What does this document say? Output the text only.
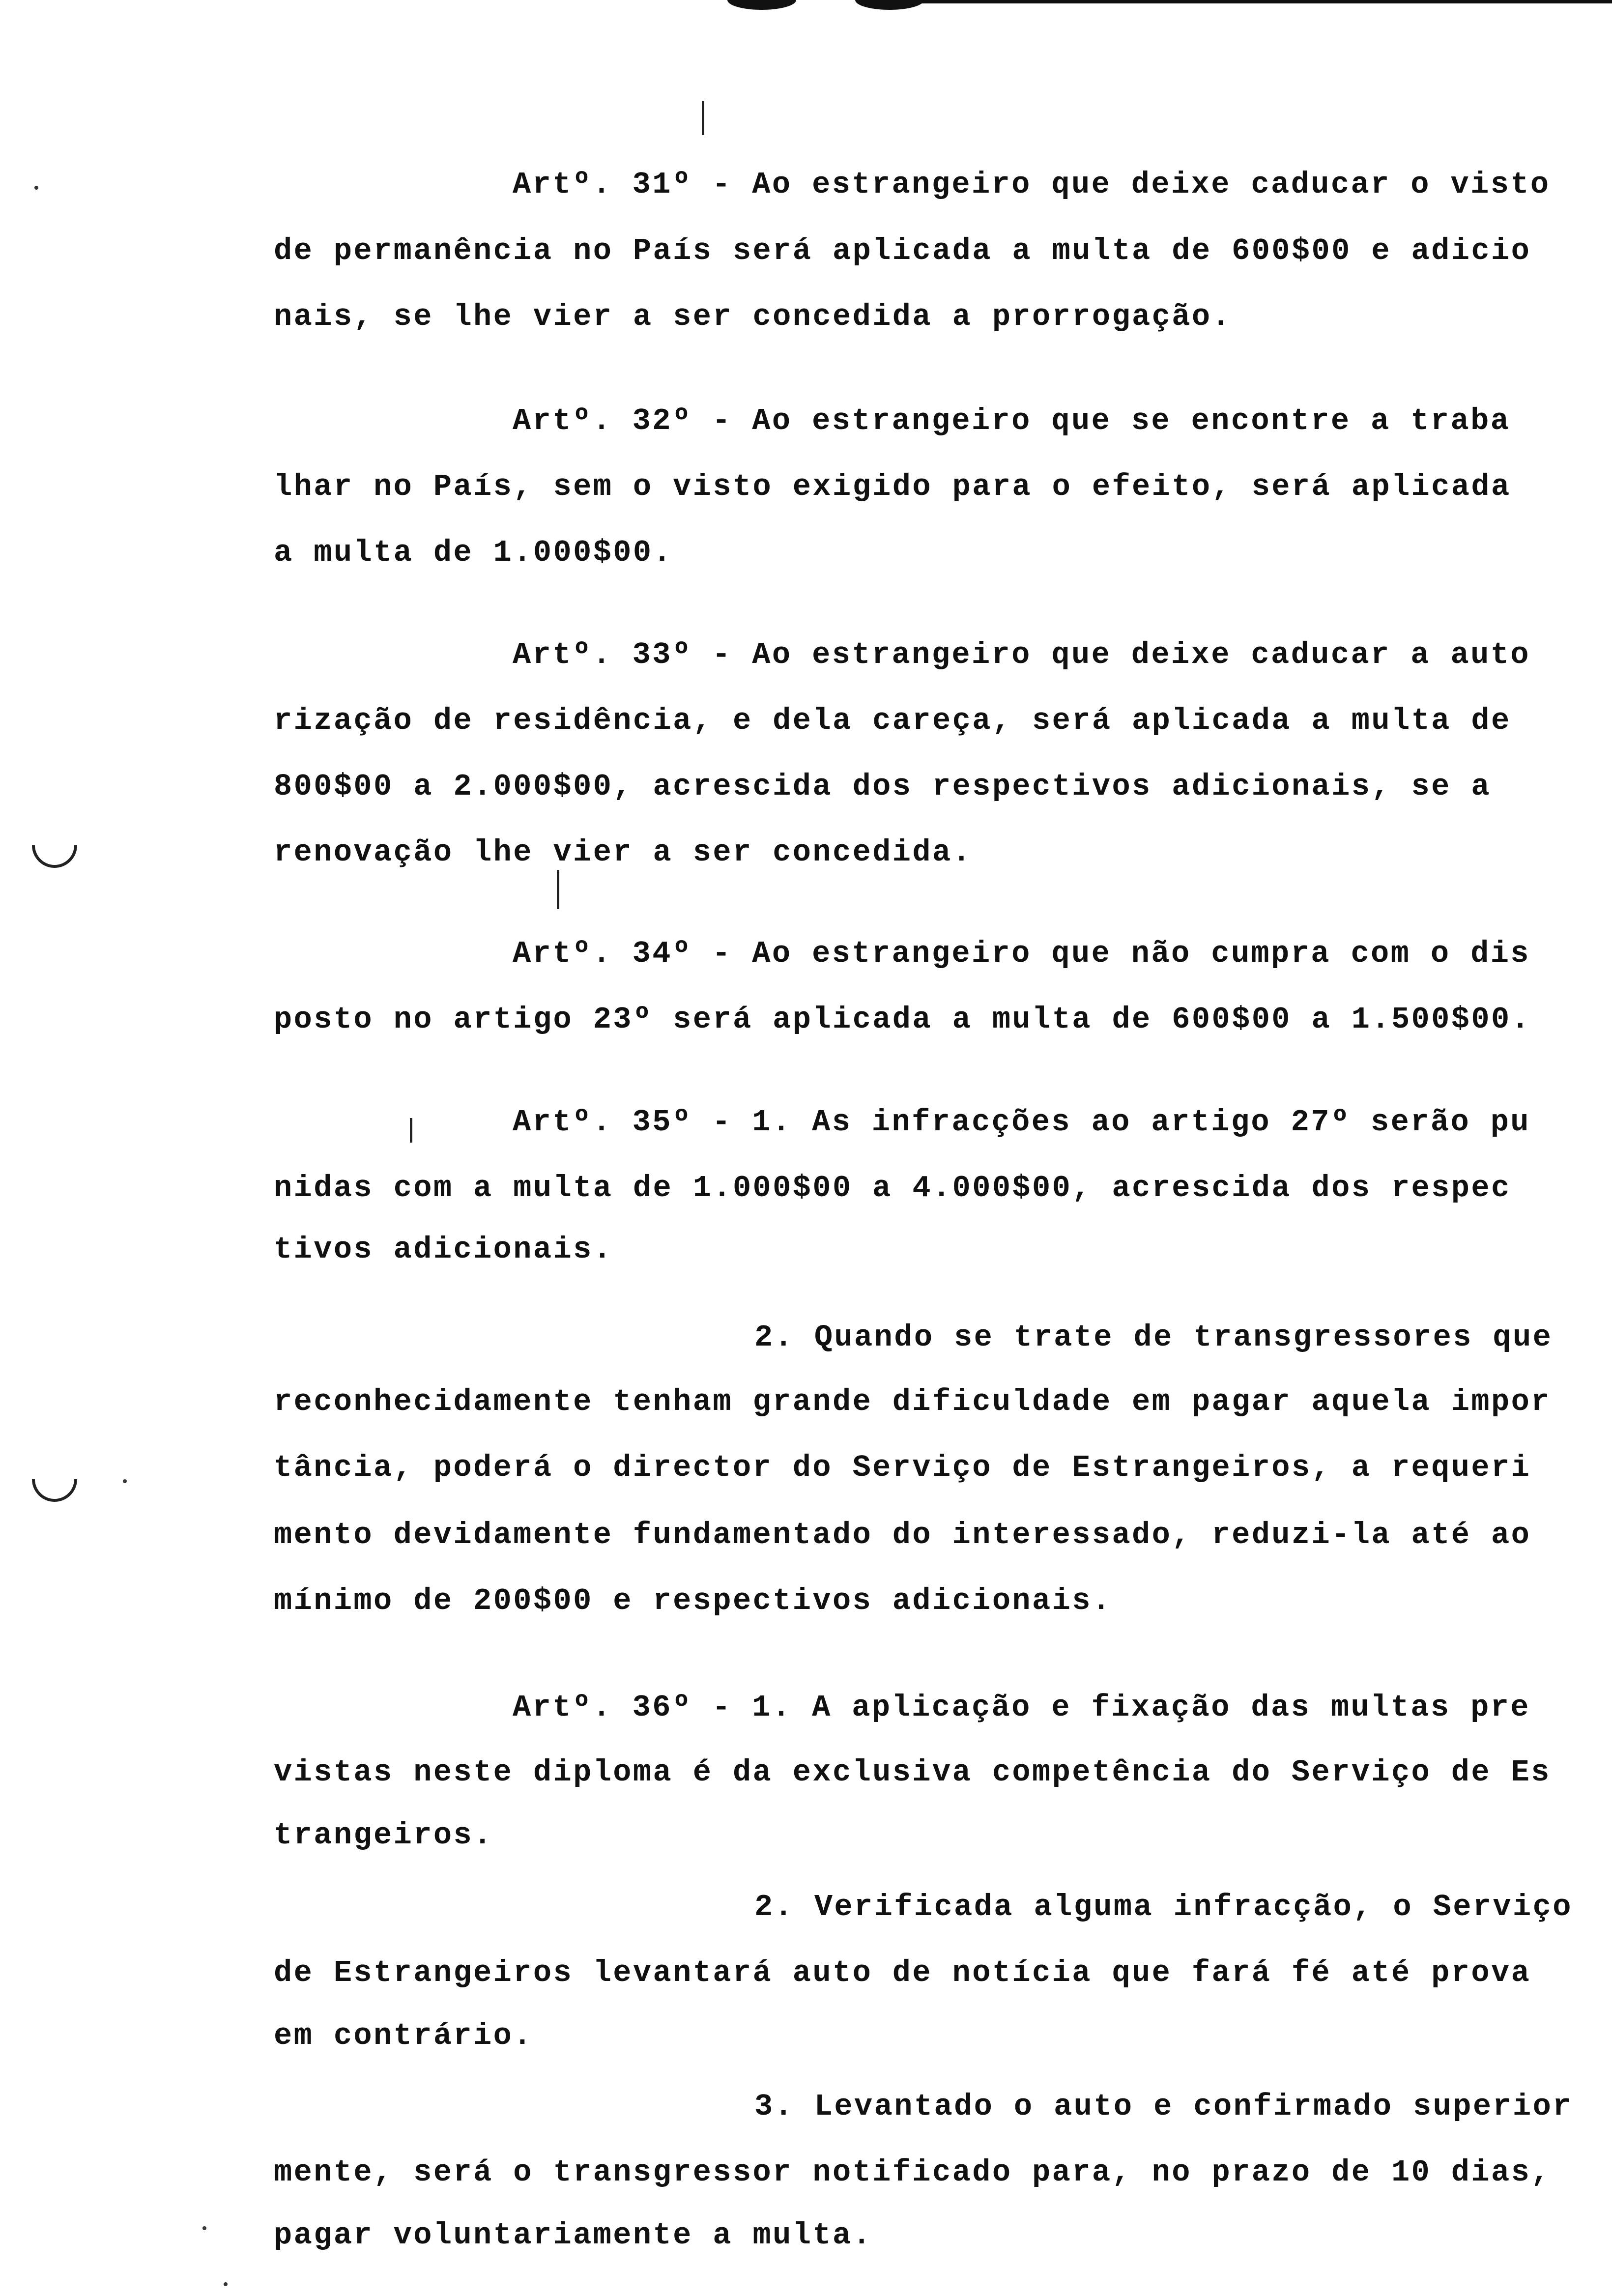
Artº. 31º - Ao estrangeiro que deixe caducar o visto
de permanência no País será aplicada a multa de 600$00 e adicio
nais, se lhe vier a ser concedida a prorrogação.
Artº. 32º - Ao estrangeiro que se encontre a traba
lhar no País, sem o visto exigido para o efeito, será aplicada
a multa de 1.000$00.
Artº. 33º - Ao estrangeiro que deixe caducar a auto
rização de residência, e dela careça, será aplicada a multa de
800$00 a 2.000$00, acrescida dos respectivos adicionais, se a
renovação lhe vier a ser concedida.
Artº. 34º - Ao estrangeiro que não cumpra com o dis
posto no artigo 23º será aplicada a multa de 600$00 a 1.500$00.
Artº. 35º - 1. As infracções ao artigo 27º serão pu
nidas com a multa de 1.000$00 a 4.000$00, acrescida dos respec
tivos adicionais.
2. Quando se trate de transgressores que
reconhecidamente tenham grande dificuldade em pagar aquela impor
tância, poderá o director do Serviço de Estrangeiros, a requeri
mento devidamente fundamentado do interessado, reduzi-la até ao
mínimo de 200$00 e respectivos adicionais.
Artº. 36º - 1. A aplicação e fixação das multas pre
vistas neste diploma é da exclusiva competência do Serviço de Es
trangeiros.
2. Verificada alguma infracção, o Serviço
de Estrangeiros levantará auto de notícia que fará fé até prova
em contrário.
3. Levantado o auto e confirmado superior
mente, será o transgressor notificado para, no prazo de 10 dias,
pagar voluntariamente a multa.
